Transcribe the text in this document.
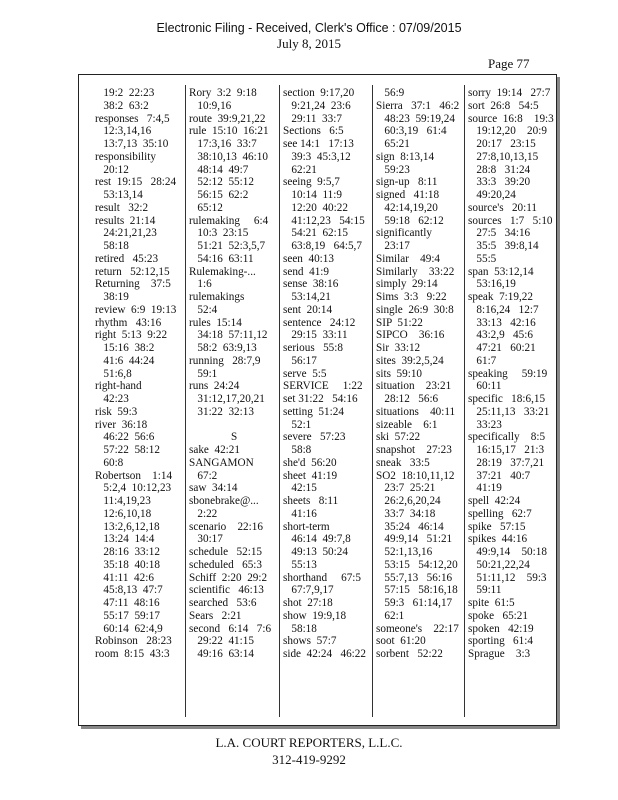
Electronic Filing - Received, Clerk's Office : 07/09/2015
July 8, 2015
Page 77
19:2  22:23
38:2  63:2
responses   7:4,5
12:3,14,16
13:7,13  35:10
responsibility
20:12
rest  19:15   28:24
53:13,14
result   32:2
results  21:14
24:21,21,23
58:18
retired   45:23
return   52:12,15
Returning    37:5
38:19
review  6:9  19:13
rhythm   43:16
right  5:13  9:22
15:16  38:2
41:6  44:24
51:6,8
right-hand
42:23
risk  59:3
river  36:18
46:22  56:6
57:22  58:12
60:8
Robertson    1:14
5:2,4  10:12,23
11:4,19,23
12:6,10,18
13:2,6,12,18
13:24  14:4
28:16  33:12
35:18  40:18
41:11  42:6
45:8,13  47:7
47:11  48:16
55:17  59:17
60:14  62:4,9
Robinson   28:23
room  8:15  43:3
Rory  3:2  9:18
10:9,16
route  39:9,21,22
rule  15:10  16:21
17:3,16  33:7
38:10,13  46:10
48:14  49:7
52:12  55:12
56:15  62:2
65:12
rulemaking     6:4
10:3  23:15
51:21  52:3,5,7
54:16  63:11
Rulemaking-...
1:6
rulemakings
52:4
rules  15:14
34:18  57:11,12
58:2  63:9,13
running   28:7,9
59:1
runs  24:24
31:12,17,20,21
31:22  32:13
S
sake  42:21
SANGAMON
67:2
saw  34:14
sbonebrake@...
2:22
scenario    22:16
30:17
schedule   52:15
scheduled   65:3
Schiff  2:20  29:2
scientific   46:13
searched   53:6
Sears   2:21
second   6:14   7:6
29:22  41:15
49:16  63:14
section  9:17,20
9:21,24  23:6
29:11  33:7
Sections   6:5
see 14:1   17:13
39:3  45:3,12
62:21
seeing  9:5,7
10:14  11:9
12:20  40:22
41:12,23   54:15
54:21  62:15
63:8,19   64:5,7
seen  40:13
send  41:9
sense  38:16
53:14,21
sent  20:14
sentence   24:12
29:15  33:11
serious   55:8
56:17
serve  5:5
SERVICE     1:22
set 31:22   54:16
setting  51:24
52:1
severe   57:23
58:8
she'd  56:20
sheet  41:19
42:15
sheets   8:11
41:16
short-term
46:14  49:7,8
49:13  50:24
55:13
shorthand     67:5
67:7,9,17
shot  27:18
show  19:9,18
58:18
shows  57:7
side  42:24   46:22
56:9
Sierra   37:1   46:2
48:23  59:19,24
60:3,19   61:4
65:21
sign  8:13,14
59:23
sign-up   8:11
signed   41:18
42:14,19,20
59:18   62:12
significantly
23:17
Similar    49:4
Similarly    33:22
simply  29:14
Sims  3:3   9:22
single  26:9  30:8
SIP  51:22
SIPCO    36:16
Sir  33:12
sites  39:2,5,24
sits  59:10
situation    23:21
28:12   56:6
situations    40:11
sizeable    6:1
ski  57:22
snapshot    27:23
sneak   33:5
SO2  18:10,11,12
23:7  25:21
26:2,6,20,24
33:7  34:18
35:24   46:14
49:9,14   51:21
52:1,13,16
53:15   54:12,20
55:7,13   56:16
57:15   58:16,18
59:3   61:14,17
62:1
someone's    22:17
soot  61:20
sorbent   52:22
sorry  19:14   27:7
sort  26:8   54:5
source  16:8    19:3
19:12,20    20:9
20:17   23:15
27:8,10,13,15
28:8   31:24
33:3   39:20
49:20,24
source's   20:11
sources   1:7   5:10
27:5   34:16
35:5   39:8,14
55:5
span  53:12,14
53:16,19
speak  7:19,22
8:16,24   12:7
33:13   42:16
43:2,9   45:6
47:21   60:21
61:7
speaking     59:19
60:11
specific   18:6,15
25:11,13   33:21
33:23
specifically    8:5
16:15,17   21:3
28:19   37:7,21
37:21   40:7
41:19
spell  42:24
spelling   62:7
spike   57:15
spikes  44:16
49:9,14    50:18
50:21,22,24
51:11,12    59:3
59:11
spite  61:5
spoke   65:21
spoken   42:19
sporting   61:4
Sprague    3:3
L.A. COURT REPORTERS, L.L.C.
312-419-9292
